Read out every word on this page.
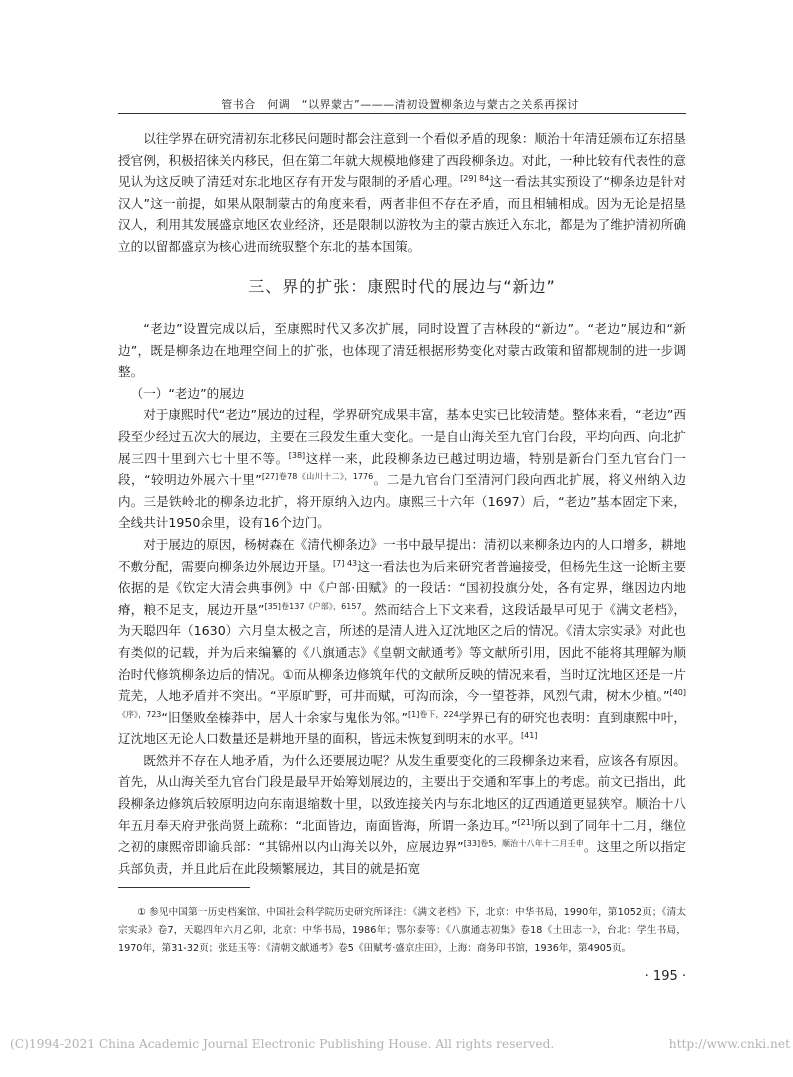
管书合　何调　“以界蒙古”———清初设置柳条边与蒙古之关系再探讨

以往学界在研究清初东北移民问题时都会注意到一个看似矛盾的现象：顺治十年清廷颁布辽东招垦授官例，积极招徕关内移民，但在第二年就大规模地修建了西段柳条边。对此，一种比较有代表性的意见认为这反映了清廷对东北地区存有开发与限制的矛盾心理。$^{[29] 84}$这一看法其实预设了“柳条边是针对汉人”这一前提，如果从限制蒙古的角度来看，两者非但不存在矛盾，而且相辅相成。因为无论是招垦汉人，利用其发展盛京地区农业经济，还是限制以游牧为主的蒙古族迁入东北，都是为了维护清初所确立的以留都盛京为核心进而统驭整个东北的基本国策。

三、界的扩张：康熙时代的展边与“新边”

“老边”设置完成以后，至康熙时代又多次扩展，同时设置了吉林段的“新边”。“老边”展边和“新边”，既是柳条边在地理空间上的扩张，也体现了清廷根据形势变化对蒙古政策和留都规制的进一步调整。

（一）“老边”的展边

对于康熙时代“老边”展边的过程，学界研究成果丰富，基本史实已比较清楚。整体来看，“老边”西段至少经过五次大的展边，主要在三段发生重大变化。一是自山海关至九官门台段，平均向西、向北扩展三四十里到六七十里不等。[38]这样一来，此段柳条边已越过明边墙，特别是新台门至九官台门一段，“较明边外展六十里”$^{[27]卷78《山川十二》,1776}$。二是九官台门至清河门段向西北扩展，将义州纳入边内。三是铁岭北的柳条边北扩，将开原纳入边内。康熙三十六年（1697）后，“老边”基本固定下来，全线共计1950余里，设有16个边门。

对于展边的原因，杨树森在《清代柳条边》一书中最早提出：清初以来柳条边内的人口增多，耕地不敷分配，需要向柳条边外展边开垦。$^{[7] 43}$这一看法也为后来研究者普遍接受，但杨先生这一论断主要依据的是《钦定大清会典事例》中《户部·田赋》的一段话：“国初投旗分处，各有定界，继因边内地瘠，粮不足支，展边开垦”$^{[35]卷137《户部》,6157}$。然而结合上下文来看，这段话最早可见于《满文老档》，为天聪四年（1630）六月皇太极之言，所述的是清人进入辽沈地区之后的情况。《清太宗实录》对此也有类似的记载，并为后来编纂的《八旗通志》《皇朝文献通考》等文献所引用，因此不能将其理解为顺治时代修筑柳条边后的情况。①而从柳条边修筑年代的文献所反映的情况来看，当时辽沈地区还是一片荒芜，人地矛盾并不突出。“平原旷野，可井而赋，可沟而涂，今一望苍莽，风烈气肃，树木少植。”$^{[40]《序》,723}$“旧堡败垒榛莽中，居人十余家与鬼伥为邻。”$^{[1]卷下,224}$学界已有的研究也表明：直到康熙中叶，辽沈地区无论人口数量还是耕地开垦的面积，皆远未恢复到明末的水平。[41]

既然并不存在人地矛盾，为什么还要展边呢？从发生重要变化的三段柳条边来看，应该各有原因。首先，从山海关至九官台门段是最早开始筹划展边的，主要出于交通和军事上的考虑。前文已指出，此段柳条边修筑后较原明边向东南退缩数十里，以致连接关内与东北地区的辽西通道更显狭窄。顺治十八年五月奉天府尹张尚贤上疏称：“北面皆边，南面皆海，所谓一条边耳。”[21]所以到了同年十二月，继位之初的康熙帝即谕兵部：“其锦州以内山海关以外，应展边界”$^{[33]卷5,顺治十八年十二月壬申}$。这里之所以指定兵部负责，并且此后在此段频繁展边，其目的就是拓宽

① 参见中国第一历史档案馆、中国社会科学院历史研究所译注：《满文老档》下，北京：中华书局，1990年，第1052页；《清太宗实录》卷7，天聪四年六月乙卯，北京：中华书局，1986年；鄂尔泰等：《八旗通志初集》卷18《土田志一》，台北：学生书局，1970年，第31-32页；张廷玉等：《清朝文献通考》卷5《田赋考·盛京庄田》，上海：商务印书馆，1936年，第4905页。

· 195 ·
(C)1994-2021 China Academic Journal Electronic Publishing House. All rights reserved.	http://www.cnki.net
